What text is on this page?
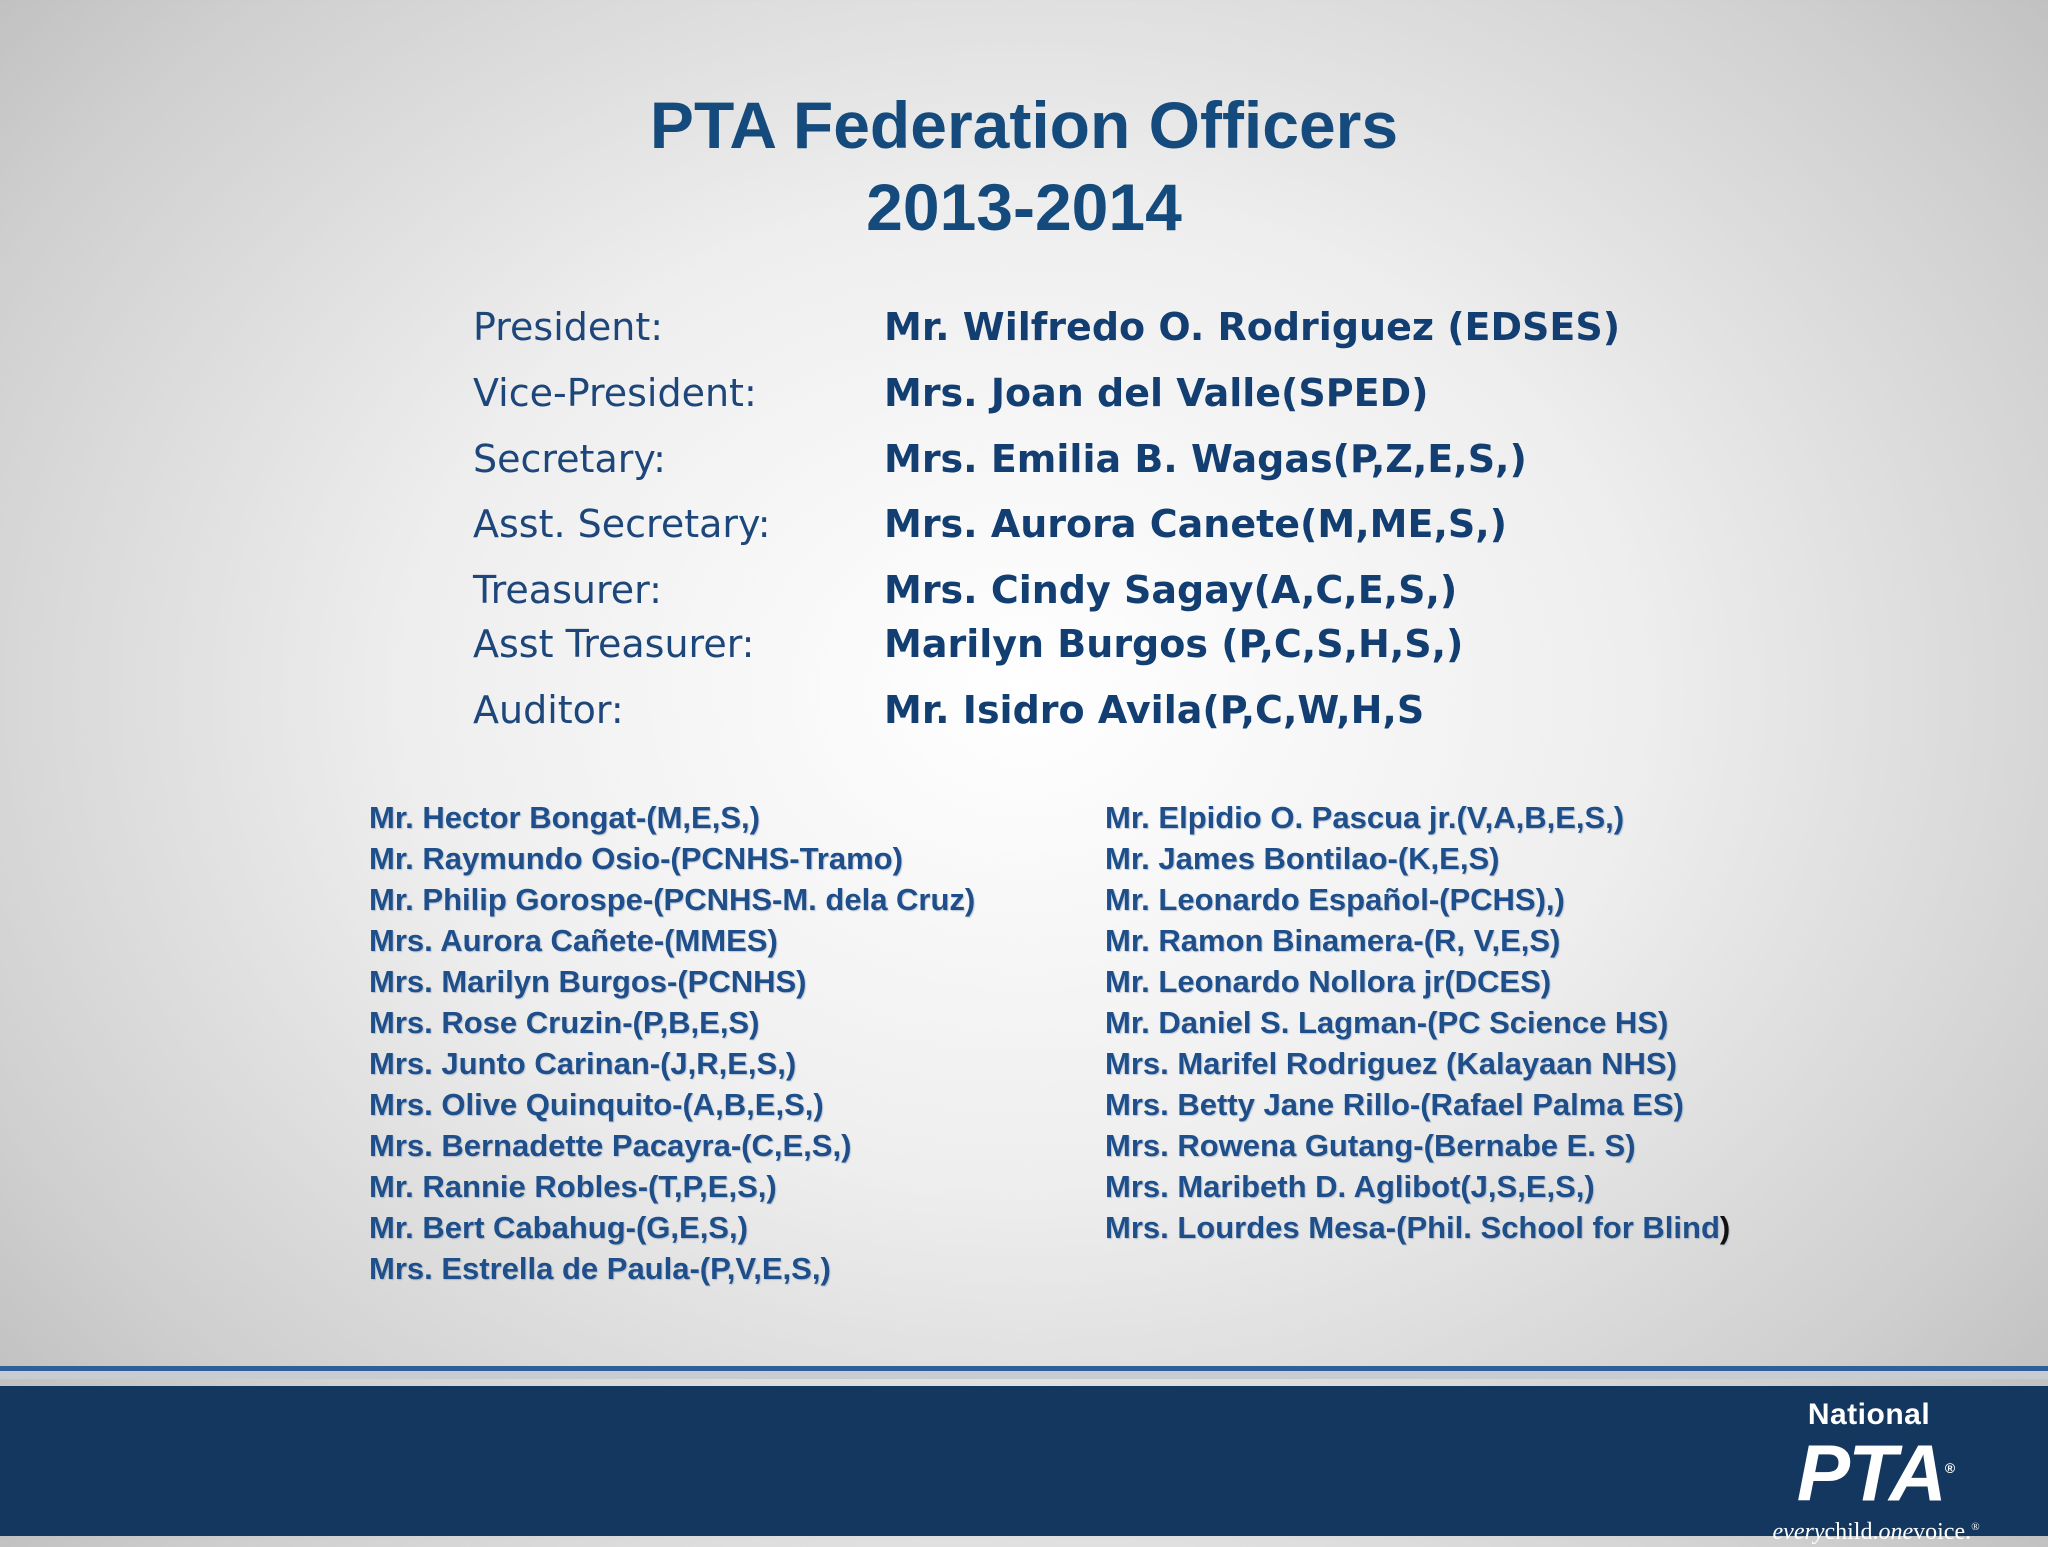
PTA Federation Officers
2013-2014
President:	Mr. Wilfredo O. Rodriguez (EDSES)
Vice-President:	Mrs. Joan del Valle(SPED)
Secretary:	Mrs. Emilia B. Wagas(P,Z,E,S,)
Asst. Secretary:	Mrs. Aurora Canete(M,ME,S,)
Treasurer:	Mrs. Cindy Sagay(A,C,E,S,)
Asst Treasurer:	Marilyn Burgos (P,C,S,H,S,)
Auditor:	Mr. Isidro Avila(P,C,W,H,S
Mr. Hector Bongat-(M,E,S,)
Mr. Raymundo Osio-(PCNHS-Tramo)
Mr. Philip Gorospe-(PCNHS-M. dela Cruz)
Mrs. Aurora Cañete-(MMES)
Mrs. Marilyn Burgos-(PCNHS)
Mrs. Rose Cruzin-(P,B,E,S)
Mrs. Junto Carinan-(J,R,E,S,)
Mrs. Olive Quinquito-(A,B,E,S,)
Mrs. Bernadette Pacayra-(C,E,S,)
Mr. Rannie Robles-(T,P,E,S,)
Mr. Bert Cabahug-(G,E,S,)
Mrs. Estrella de Paula-(P,V,E,S,)
Mr. Elpidio O. Pascua jr.(V,A,B,E,S,)
Mr. James Bontilao-(K,E,S)
Mr. Leonardo Español-(PCHS),)
Mr. Ramon Binamera-(R, V,E,S)
Mr. Leonardo Nollora jr(DCES)
Mr. Daniel S. Lagman-(PC Science HS)
Mrs. Marifel Rodriguez (Kalayaan NHS)
Mrs. Betty Jane Rillo-(Rafael Palma ES)
Mrs. Rowena Gutang-(Bernabe E. S)
Mrs. Maribeth D. Aglibot(J,S,E,S,)
Mrs. Lourdes Mesa-(Phil. School for Blind)
National
PTA®
everychild.onevoice.®
